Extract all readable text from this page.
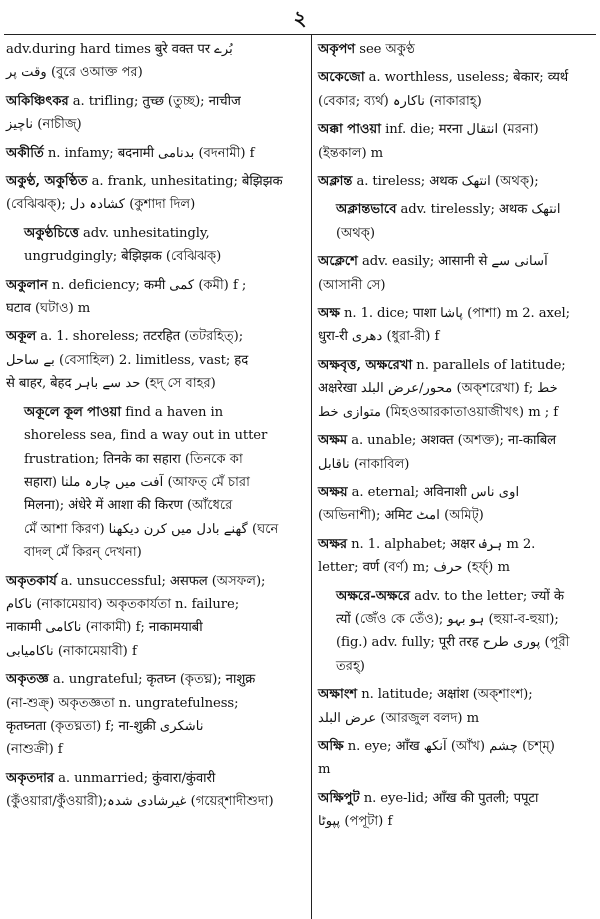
২

adv.during hard times बुरे वक्त पर بُرے

وقت پر (বুরে ওআক্ত পর)

অকিঞ্চিৎকর a. trifling; तुच्छ (তুচ্ছ); नाचीज

ناچیز (নাচীজ্‌)

অকীর্তি n. infamy; बदनामी بدنامی (বদনামী) f

অকুণ্ঠ, অকুণ্ঠিত a. frank, unhesitating; बेझिझक

(বেঝিঝক্‌); کشادہ دل (কুশাদা দিল)

অকুণ্ঠচিত্তে adv. unhesitatingly,

ungrudgingly; बेझिझक (বেঝিঝক্‌)

অকুলান n. deficiency; कमी کمی (কমী) f ;

घटाव (ঘটাও) m

অকূল a. 1. shoreless; तटरहित (তটরহিত্‌);

بے ساحل (বেসাহিল) 2. limitless, vast; हद

से बाहर, बेहद حد سے باہر (হদ্‌ সে বাহর)

অকূলে কূল পাওয়া find a haven in

shoreless sea, find a way out in utter

frustration; तिनके का सहारा (তিনকে কা

सहारा) آفت میں چارہ ملنا (আফত্‌ মেঁ চারা

मिलना); अंधेरे में आशा की किरण (আঁধেরে

মেঁ আশা কিরণ) گھنے بادل میں کرن دیکھنا (ঘনে

বাদল্‌ মেঁ কিরন্‌ দেখনা)

অকৃতকার্য a. unsuccessful; असफल (অসফল);

ناکام (নাকামেয়াব) অকৃতকার্যতা n. failure;

नाकामी ناکامی (নাকামী) f; नाकामयाबी

ناکامیابی (নাকামেয়াবী) f

অকৃতজ্ঞ a. ungrateful; कृतघ्न (কৃতঘ্ন); नाशुक्र

(না-শুক্র্‌) অকৃতজ্ঞতা n. ungratefulness;

कृतघ्नता (কৃতঘ্নতা) f; ना-शुक्री ناشکری

(নাশুক্রী) f

অকৃতদার a. unmarried; कुंवारा/कुंवारी

(কুঁওয়ারা/কুঁওয়ারী);غیرشادی شدہ (গয়ের্‌শাদীশুদা)

অকৃপণ see অকুণ্ঠ

অকেজো a. worthless, useless; बेकार; व्यर्थ

(বেকার; ব্যর্থ) ناکارہ (নাকারাহ্‌)

অক্কা পাওয়া inf. die; मरना انتقال (মরনা)

(ইন্তকাল) m

অক্লান্ত a. tireless; अथक انتھک (অথক্‌);

অক্লান্তভাবে adv. tirelessly; अथक انتھک

(অথক্‌)

অক্লেশে adv. easily; आसानी से آسانی سے

(আসানী সে)

অক্ষ n. 1. dice; पाशा پاشا (পাশা) m 2. axel;

धुरा-री دھری (ধুরা-রী) f

অক্ষবৃত্ত, অক্ষরেখা n. parallels of latitude;

अक्षरेखा محور/عرض البلد (অক্শরেখা) f; خط

متوازی خط (মিহওআরকাতাওয়াজীখৎ) m ; f

অক্ষম a. unable; अशक्त (অশক্ত); ना-काबिल

ناقابل (নাকাবিল)

অক্ষয় a. eternal; अविनाशी اوی ناس

(অভিনাশী); अमिट امٹ (অমিট্‌)

অক্ষর n. 1. alphabet; अक्षर ہرف m 2.

letter; वर्ण (বর্ণ) m; حرف (হর্ফ্‌) m

অক্ষরে-অক্ষরে adv. to the letter; ज्यों के

त्यों (জেঁও কে তেঁও); ہو بہو (হুয়া-ব-হুয়া);

(fig.) adv. fully; पूरी तरह پوری طرح (পূরী

তরহ্‌)

অক্ষাংশ n. latitude; अक्षांश (অক্শাংশ);

عرض البلد (আরজুল বলদ) m

অক্ষি n. eye; आँख آنکھ (আঁখ) چشم (চশ্‌ম্‌)

m

অক্ষিপুট n. eye-lid; आँख की पुतली; पपूटा

پپوٹا (পপূটা) f
